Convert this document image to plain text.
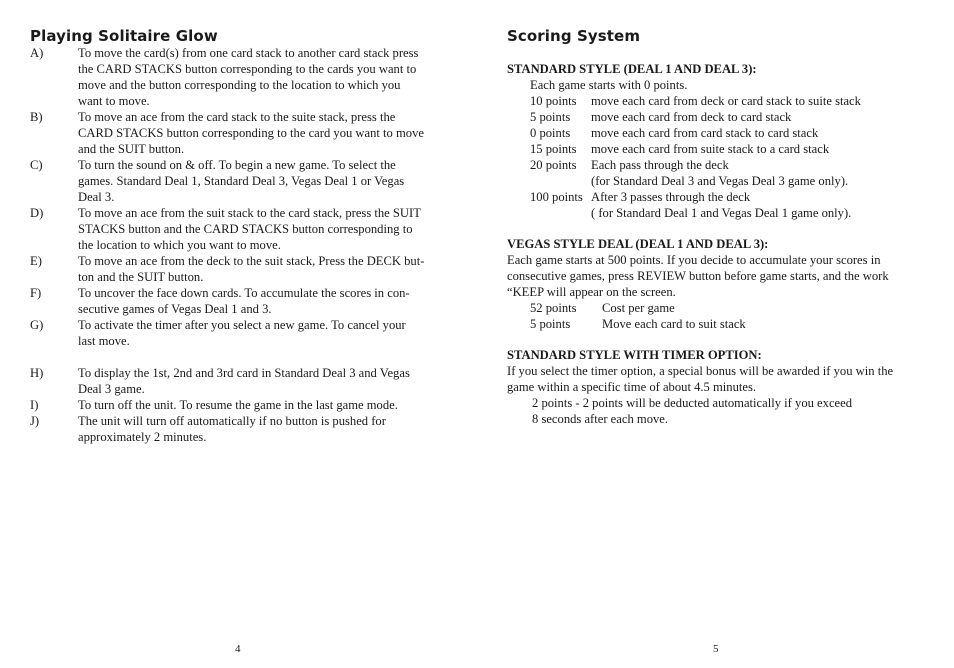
Playing Solitaire Glow
A)	To move the card(s) from one card stack to another card stack press
the CARD STACKS button corresponding to the cards you want to
move and the button corresponding to the location to which you
want to move.
B)	To move an ace from the card stack to the suite stack, press the
CARD STACKS button corresponding to the card you want to move
and the SUIT button.
C)	To turn the sound on & off. To begin a new game. To select the
games. Standard Deal 1, Standard Deal 3, Vegas Deal 1 or Vegas
Deal 3.
D)	To move an ace from the suit stack to the card stack, press the SUIT
STACKS button and the CARD STACKS button corresponding to
the location to which you want to move.
E)	To move an ace from the deck to the suit stack, Press the DECK but-
ton and the SUIT button.
F)	To uncover the face down cards. To accumulate the scores in con-
secutive games of Vegas Deal 1 and 3.
G)	To activate the timer after you select a new game. To cancel your
last move.
H)	To display the 1st, 2nd and 3rd card in Standard Deal 3 and Vegas
Deal 3 game.
I)	To turn off the unit. To resume the game in the last game mode.
J)	The unit will turn off automatically if no button is pushed for
approximately 2 minutes.
4
Scoring System
STANDARD STYLE (DEAL 1 AND DEAL 3):
Each game starts with 0 points.
10 points	move each card from deck or card stack to suite stack
5 points	move each card from deck to card stack
0 points	move each card from card stack to card stack
15 points	move each card from suite stack to a card stack
20 points	Each pass through the deck
(for Standard Deal 3 and Vegas Deal 3 game only).
100 points After 3 passes through the deck
( for Standard Deal 1 and Vegas Deal 1 game only).
VEGAS STYLE DEAL (DEAL 1 AND DEAL 3):
Each game starts at 500 points. If you decide to accumulate your scores in
consecutive games, press REVIEW button before game starts, and the work
“KEEP will appear on the screen.
52 points	Cost per game
5 points	Move each card to suit stack
STANDARD STYLE WITH TIMER OPTION:
If you select the timer option, a special bonus will be awarded if you win the
game within a specific time of about 4.5 minutes.
2 points - 2 points will be deducted automatically if you exceed
8 seconds after each move.
5
